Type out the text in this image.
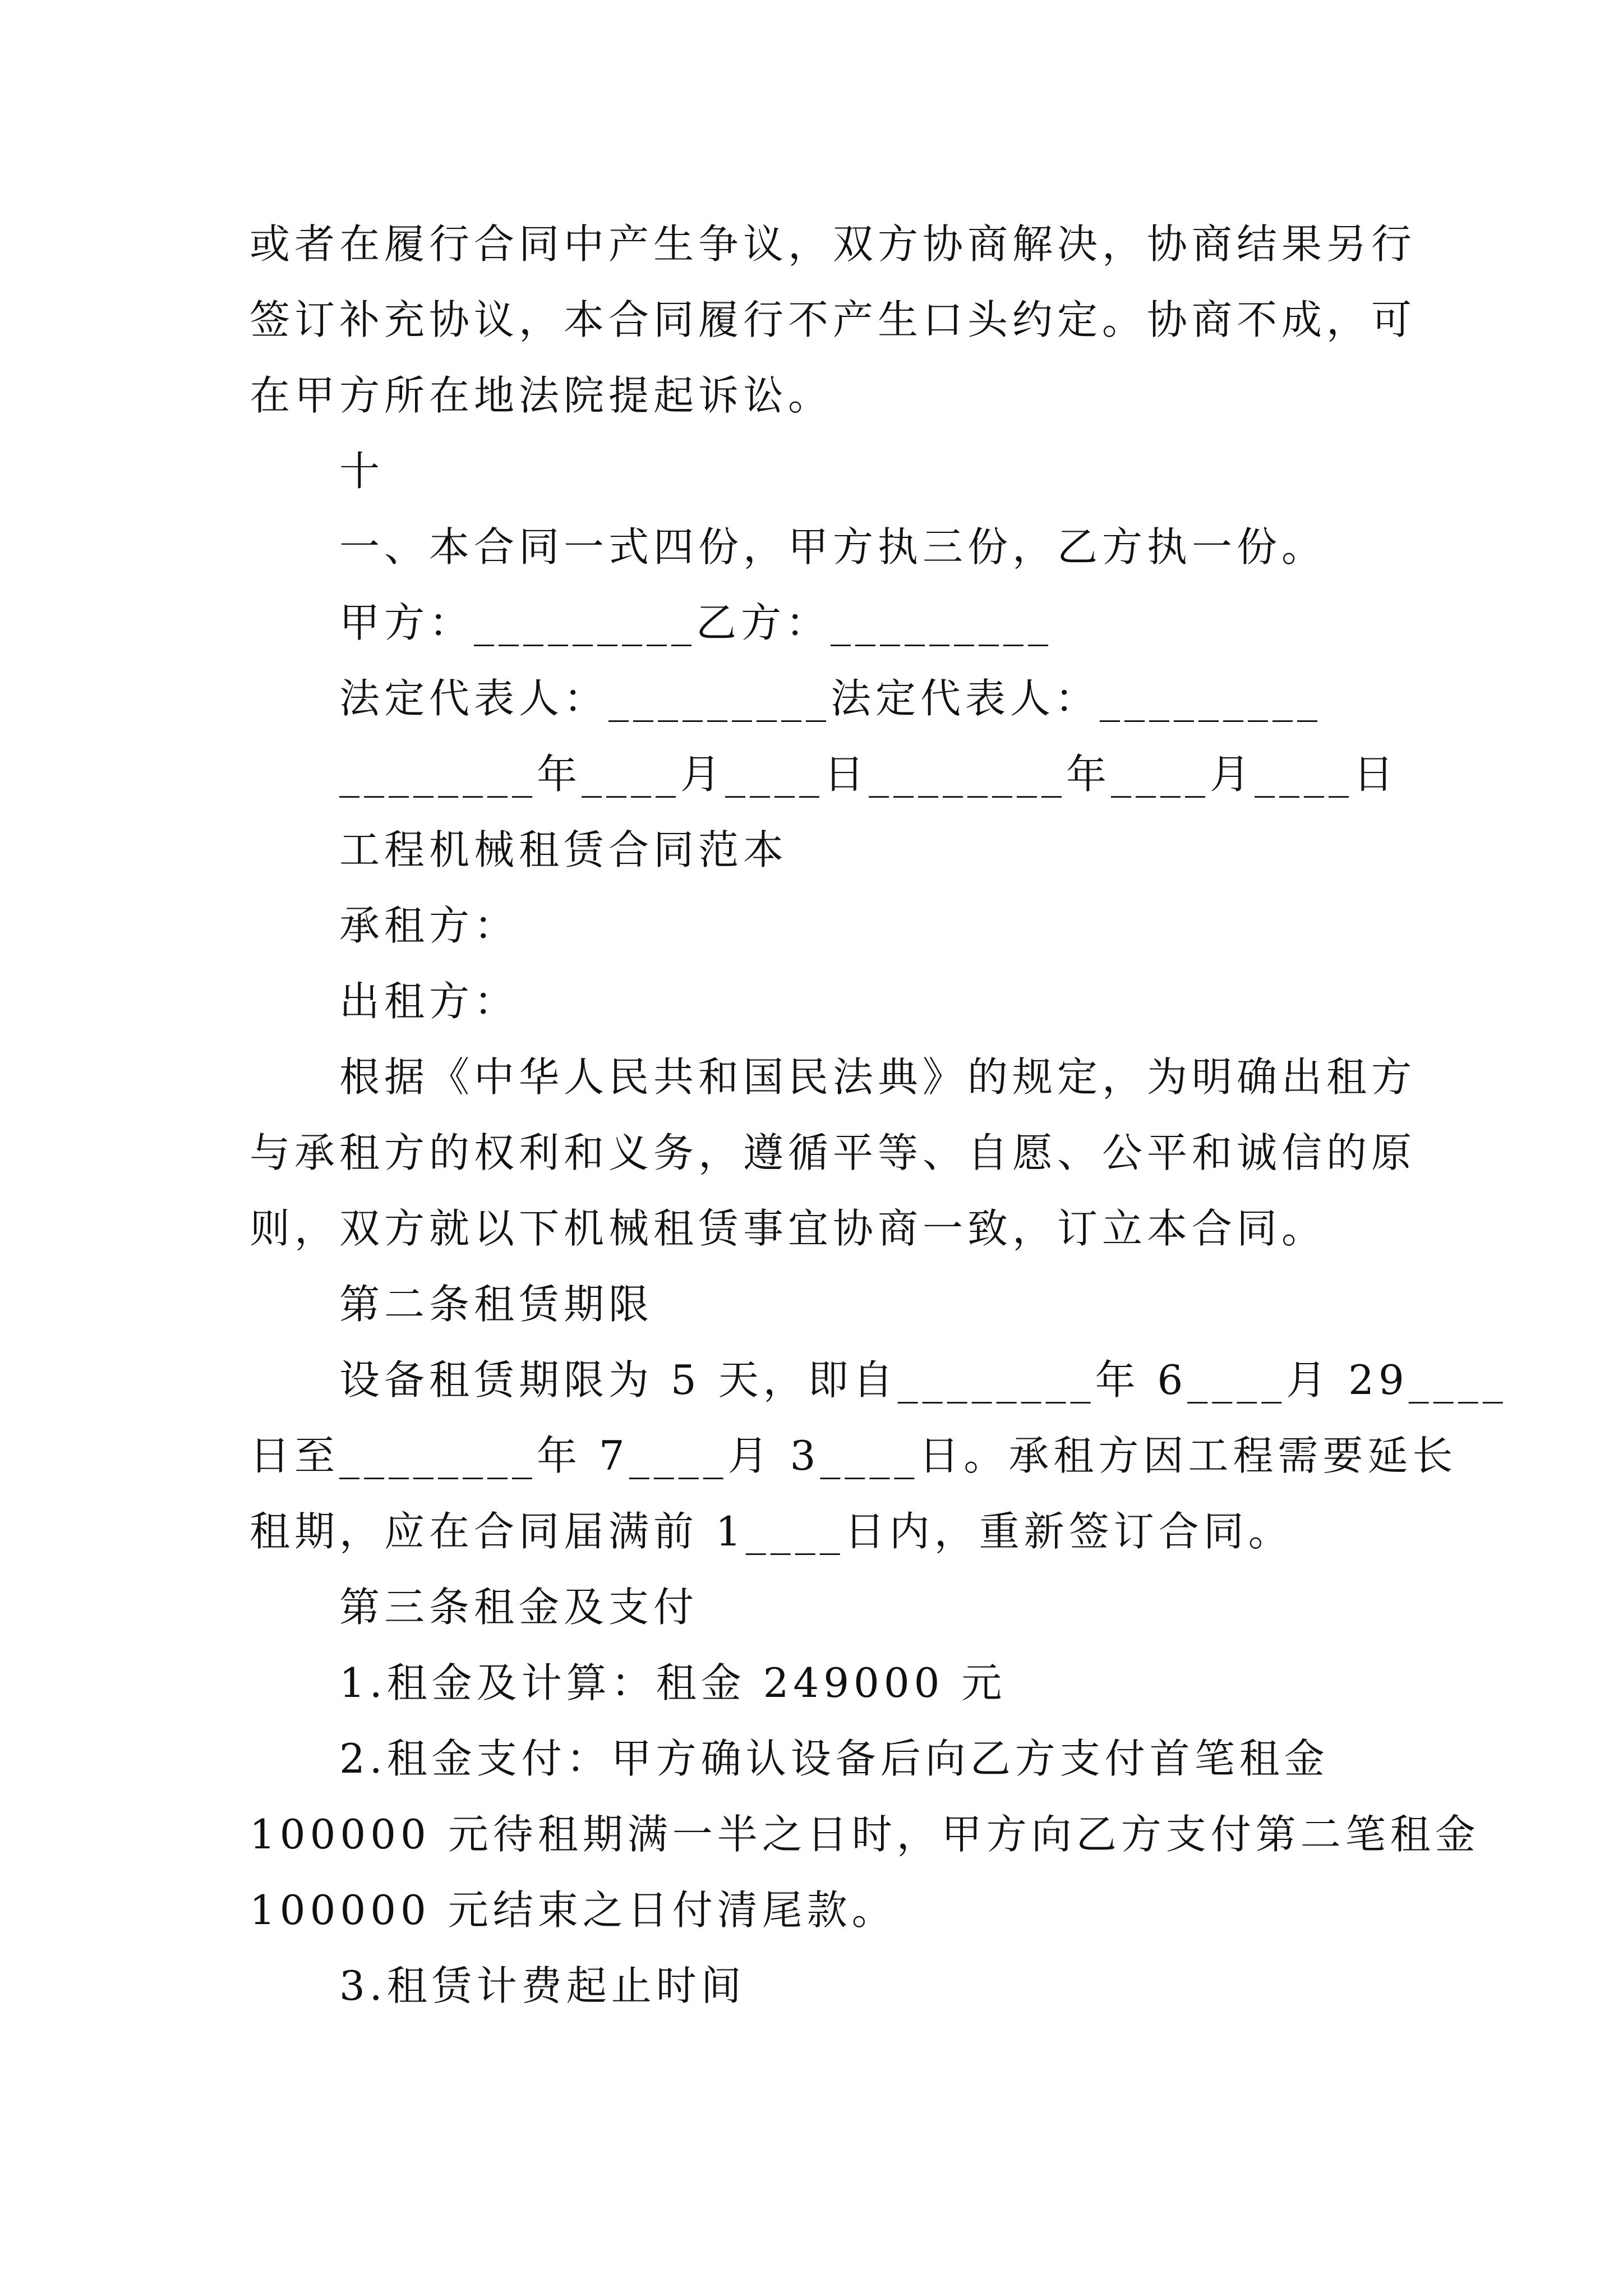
或者在履行合同中产生争议，双方协商解决，协商结果另行
签订补充协议，本合同履行不产生口头约定。协商不成，可
在甲方所在地法院提起诉讼。
十
一、本合同一式四份，甲方执三份，乙方执一份。
甲方：_________乙方：_________
法定代表人：_________法定代表人：_________
________年____月____日________年____月____日
工程机械租赁合同范本
承租方：
出租方：
根据《中华人民共和国民法典》的规定，为明确出租方
与承租方的权利和义务，遵循平等、自愿、公平和诚信的原
则，双方就以下机械租赁事宜协商一致，订立本合同。
第二条租赁期限
设备租赁期限为 5 天，即自________年 6____月 29____
日至________年 7____月 3____日。承租方因工程需要延长
租期，应在合同届满前 1____日内，重新签订合同。
第三条租金及支付
1.租金及计算：租金 249000 元
2.租金支付：甲方确认设备后向乙方支付首笔租金
100000 元待租期满一半之日时，甲方向乙方支付第二笔租金
100000 元结束之日付清尾款。
3.租赁计费起止时间
